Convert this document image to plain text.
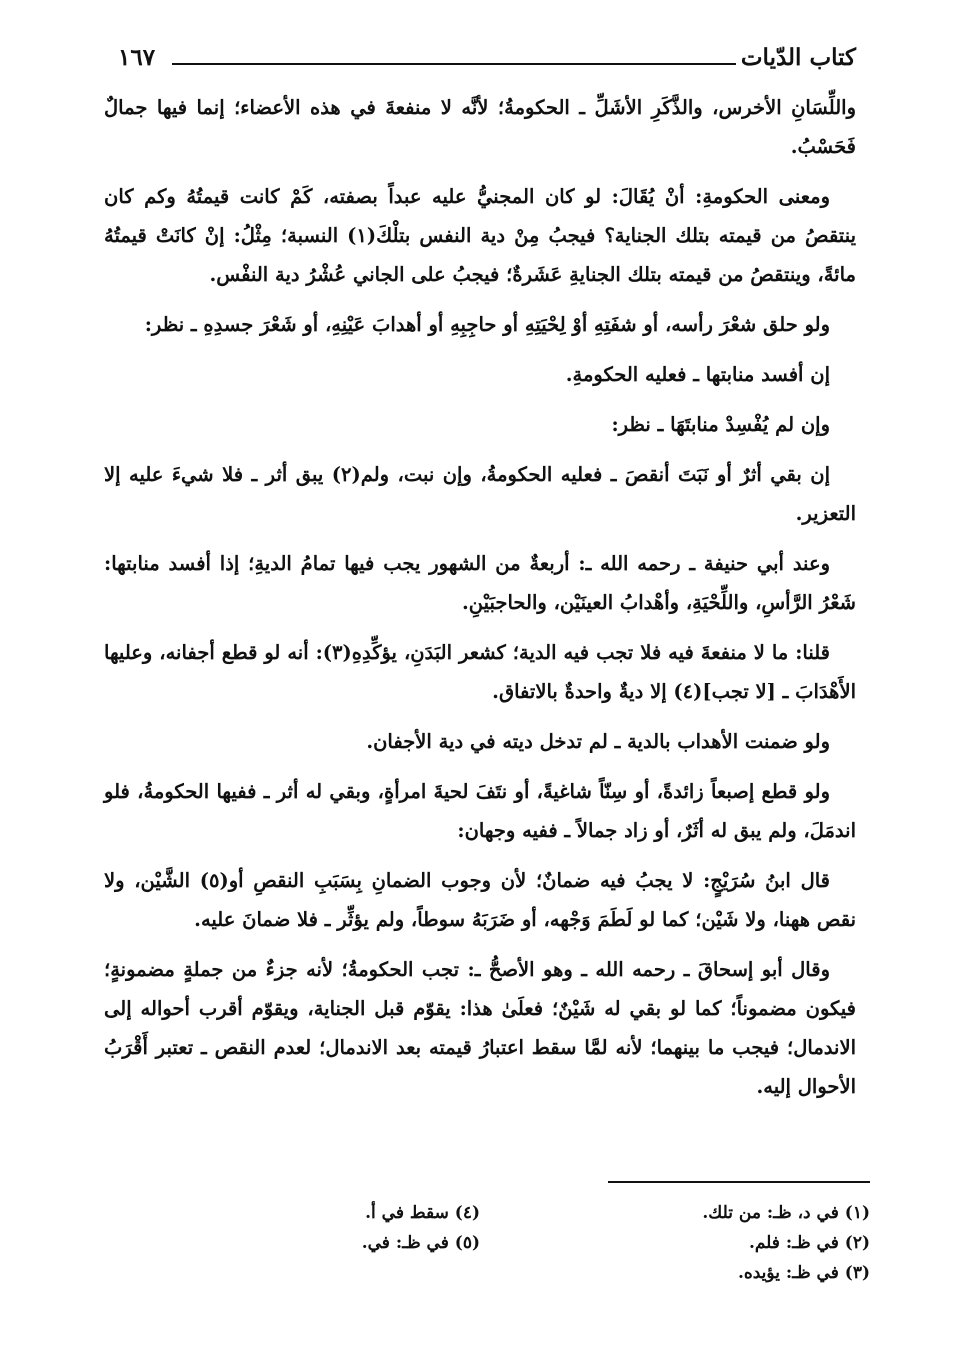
كتاب الدّيات
١٦٧

واللِّسَانِ الأخرس، والذَّكَرِ الأشَلِّ ـ الحكومةُ؛ لأنَّه لا منفعةَ في هذه الأعضاء؛ إنما فيها جمالٌ فَحَسْبُ.

ومعنى الحكومةِ: أنْ يُقَالَ: لو كان المجنيُّ عليه عبداً بصفته، كَمْ كانت قيمتُهُ وكم كان ينتقصُ من قيمته بتلك الجناية؟ فيجبُ مِنْ دية النفس بتلْكَ(١) النسبة؛ مِثْلُ: إنْ كانَتْ قيمتُهُ مائةً، وينتقصُ من قيمته بتلك الجنايةِ عَشَرةٌ؛ فيجبُ على الجاني عُشْرُ دية النفْس.

ولو حلق شعْرَ رأسه، أو شفَتِهِ أوْ لِحْيَتِهِ أو حاجِبِهِ أو أهدابَ عَيْنِهِ، أو شَعْرَ جسدِهِ ـ نظر:

إن أفسد منابتها ـ فعليه الحكومةِ.

وإن لم يُفْسِدْ منابتَهَا ـ نظر:

إن بقي أثرٌ أو نَبَتَ أنقصَ ـ فعليه الحكومةُ، وإن نبت، ولم(٢) يبق أثر ـ فلا شيءَ عليه إلا التعزير.

وعند أبي حنيفة ـ رحمه الله ـ: أربعةٌ من الشهور يجب فيها تمامُ الديةِ؛ إذا أفسد منابتها: شَعْرُ الرَّأسِ، واللِّحْيَةِ، وأهْدابُ العينَيْن، والحاجبَيْنِ.

قلنا: ما لا منفعةَ فيه فلا تجب فيه الدية؛ كشعر البَدَنِ، يؤكِّدِهِ(٣): أنه لو قطع أجفانه، وعليها الأَهْدَابَ ـ [لا تجب](٤) إلا ديةٌ واحدةٌ بالاتفاق.

ولو ضمنت الأهداب بالدية ـ لم تدخل ديته في دية الأجفان.

ولو قطع إصبعاً زائدةً، أو سِنّاً شاغيةً، أو نتَفَ لحيةَ امرأةٍ، وبقي له أثر ـ ففيها الحكومةُ، فلو اندمَلَ، ولم يبق له أثَرٌ، أو زاد جمالاً ـ ففيه وجهان:

قال ابنُ سُرَيْجٍ: لا يجبُ فيه ضمانٌ؛ لأن وجوب الضمانِ بِسَبَبِ النقصِ أو(٥) الشَّيْن، ولا نقص ههنا، ولا شَيْن؛ كما لو لَطَمَ وَجْهه، أو ضَرَبَهُ سوطاً، ولم يؤثِّر ـ فلا ضمانَ عليه.

وقال أبو إسحاقَ ـ رحمه الله ـ وهو الأصحُّ ـ: تجب الحكومةُ؛ لأنه جزءٌ من جملةٍ مضمونةٍ؛ فيكون مضموناً؛ كما لو بقي له شَيْنٌ؛ فعلَىٰ هذا: يقوّم قبل الجناية، ويقوّم أقرب أحواله إلى الاندمال؛ فيجب ما بينهما؛ لأنه لمَّا سقط اعتبارُ قيمته بعد الاندمال؛ لعدم النقص ـ تعتبر أَقْرَبُ الأحوال إليه.

(١) في د، ظـ: من تلك.
(٢) في ظـ: فلم.
(٣) في ظـ: يؤيده.
(٤) سقط في أ.
(٥) في ظـ: في.
